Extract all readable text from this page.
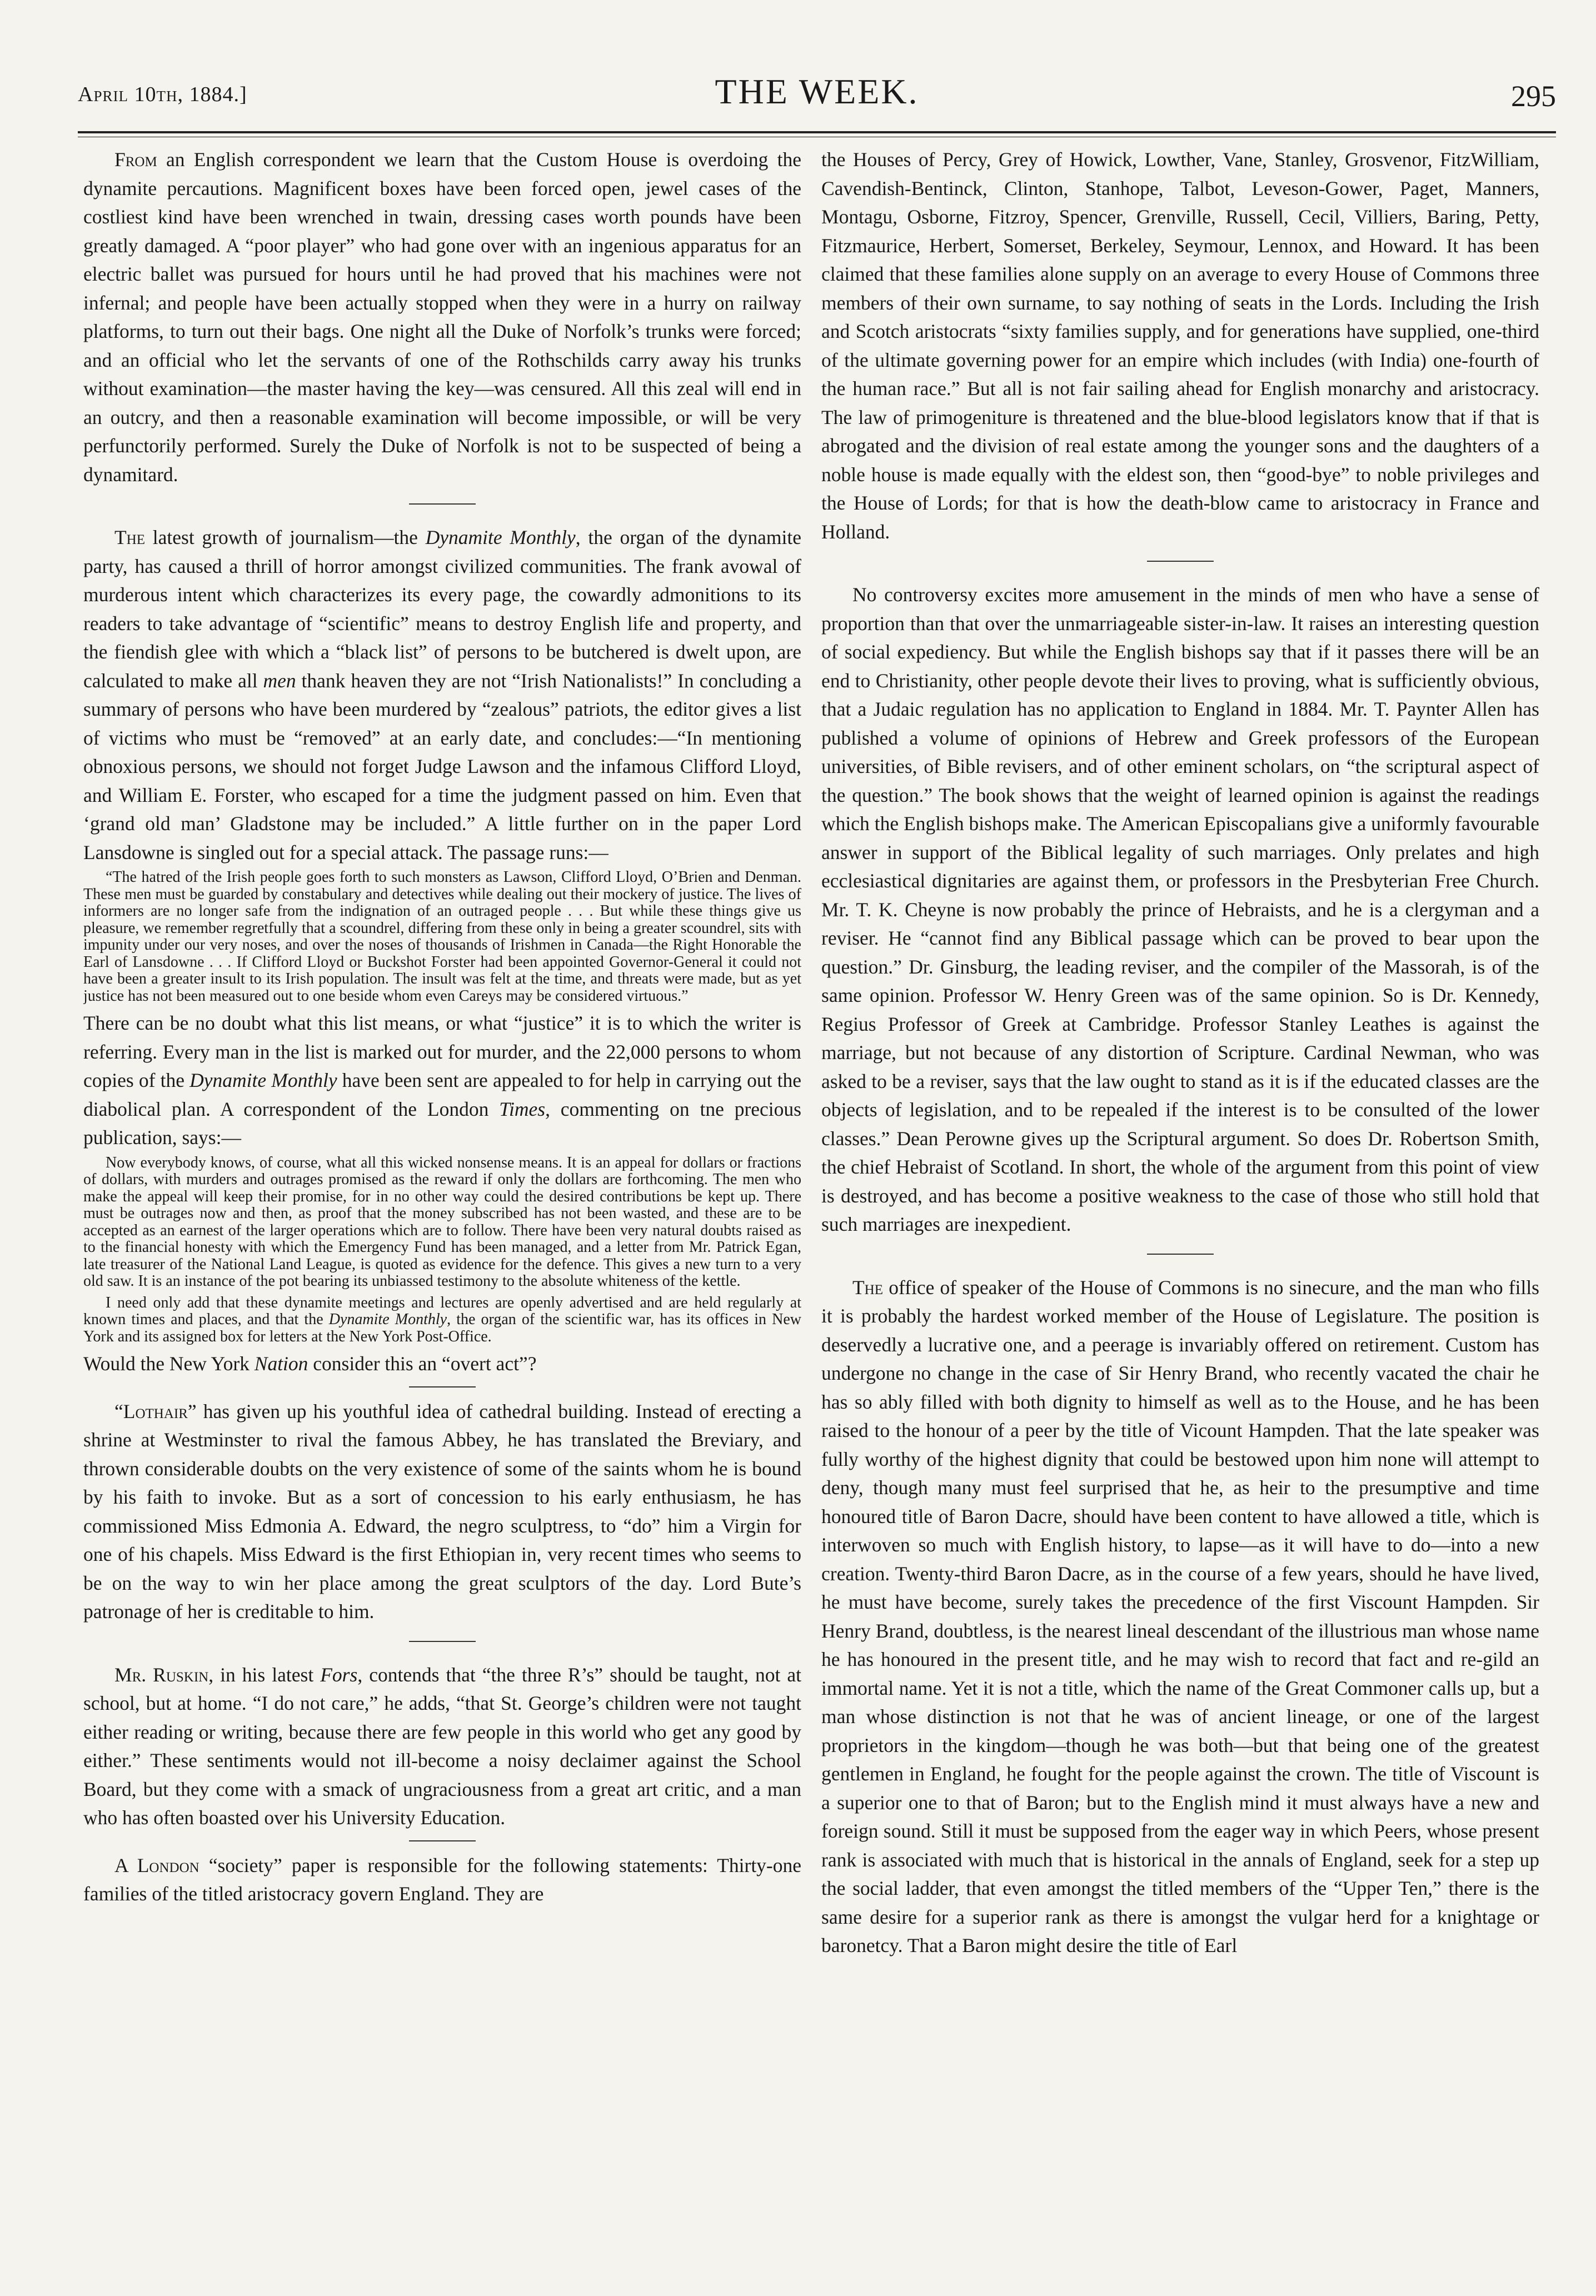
April 10th, 1884.]	THE WEEK.	295

From an English correspondent we learn that the Custom House is overdoing the dynamite percautions. Magnificent boxes have been forced open, jewel cases of the costliest kind have been wrenched in twain, dressing cases worth pounds have been greatly damaged. A “poor player” who had gone over with an ingenious apparatus for an electric ballet was pursued for hours until he had proved that his machines were not infernal; and people have been actually stopped when they were in a hurry on railway platforms, to turn out their bags. One night all the Duke of Norfolk’s trunks were forced; and an official who let the servants of one of the Rothschilds carry away his trunks without examination—the master having the key—was censured. All this zeal will end in an outcry, and then a reasonable examination will become impossible, or will be very perfunctorily performed. Surely the Duke of Norfolk is not to be suspected of being a dynamitard.

The latest growth of journalism—the Dynamite Monthly, the organ of the dynamite party, has caused a thrill of horror amongst civilized communities. The frank avowal of murderous intent which characterizes its every page, the cowardly admonitions to its readers to take advantage of “scientific” means to destroy English life and property, and the fiendish glee with which a “black list” of persons to be butchered is dwelt upon, are calculated to make all men thank heaven they are not “Irish Nationalists!” In concluding a summary of persons who have been murdered by “zealous” patriots, the editor gives a list of victims who must be “removed” at an early date, and concludes:—“In mentioning obnoxious persons, we should not forget Judge Lawson and the infamous Clifford Lloyd, and William E. Forster, who escaped for a time the judgment passed on him. Even that ‘grand old man’ Gladstone may be included.” A little further on in the paper Lord Lansdowne is singled out for a special attack. The passage runs:—

“The hatred of the Irish people goes forth to such monsters as Lawson, Clifford Lloyd, O’Brien and Denman. These men must be guarded by constabulary and detectives while dealing out their mockery of justice. The lives of informers are no longer safe from the indignation of an outraged people . . . But while these things give us pleasure, we remember regretfully that a scoundrel, differing from these only in being a greater scoundrel, sits with impunity under our very noses, and over the noses of thousands of Irishmen in Canada—the Right Honorable the Earl of Lansdowne . . . If Clifford Lloyd or Buckshot Forster had been appointed Governor-General it could not have been a greater insult to its Irish population. The insult was felt at the time, and threats were made, but as yet justice has not been measured out to one beside whom even Careys may be considered virtuous.”

There can be no doubt what this list means, or what “justice” it is to which the writer is referring. Every man in the list is marked out for murder, and the 22,000 persons to whom copies of the Dynamite Monthly have been sent are appealed to for help in carrying out the diabolical plan. A correspondent of the London Times, commenting on tne precious publication, says:—

Now everybody knows, of course, what all this wicked nonsense means. It is an appeal for dollars or fractions of dollars, with murders and outrages promised as the reward if only the dollars are forthcoming. The men who make the appeal will keep their promise, for in no other way could the desired contributions be kept up. There must be outrages now and then, as proof that the money subscribed has not been wasted, and these are to be accepted as an earnest of the larger operations which are to follow. There have been very natural doubts raised as to the financial honesty with which the Emergency Fund has been managed, and a letter from Mr. Patrick Egan, late treasurer of the National Land League, is quoted as evidence for the defence. This gives a new turn to a very old saw. It is an instance of the pot bearing its unbiassed testimony to the absolute whiteness of the kettle.

I need only add that these dynamite meetings and lectures are openly advertised and are held regularly at known times and places, and that the Dynamite Monthly, the organ of the scientific war, has its offices in New York and its assigned box for letters at the New York Post-Office.

Would the New York Nation consider this an “overt act”?

“Lothair” has given up his youthful idea of cathedral building. Instead of erecting a shrine at Westminster to rival the famous Abbey, he has translated the Breviary, and thrown considerable doubts on the very existence of some of the saints whom he is bound by his faith to invoke. But as a sort of concession to his early enthusiasm, he has commissioned Miss Edmonia A. Edward, the negro sculptress, to “do” him a Virgin for one of his chapels. Miss Edward is the first Ethiopian in, very recent times who seems to be on the way to win her place among the great sculptors of the day. Lord Bute’s patronage of her is creditable to him.

Mr. Ruskin, in his latest Fors, contends that “the three R’s” should be taught, not at school, but at home. “I do not care,” he adds, “that St. George’s children were not taught either reading or writing, because there are few people in this world who get any good by either.” These sentiments would not ill-become a noisy declaimer against the School Board, but they come with a smack of ungraciousness from a great art critic, and a man who has often boasted over his University Education.

A London “society” paper is responsible for the following statements: Thirty-one families of the titled aristocracy govern England. They are

the Houses of Percy, Grey of Howick, Lowther, Vane, Stanley, Grosvenor, FitzWilliam, Cavendish-Bentinck, Clinton, Stanhope, Talbot, Leveson-Gower, Paget, Manners, Montagu, Osborne, Fitzroy, Spencer, Grenville, Russell, Cecil, Villiers, Baring, Petty, Fitzmaurice, Herbert, Somerset, Berkeley, Seymour, Lennox, and Howard. It has been claimed that these families alone supply on an average to every House of Commons three members of their own surname, to say nothing of seats in the Lords. Including the Irish and Scotch aristocrats “sixty families supply, and for generations have supplied, one-third of the ultimate governing power for an empire which includes (with India) one-fourth of the human race.” But all is not fair sailing ahead for English monarchy and aristocracy. The law of primogeniture is threatened and the blue-blood legislators know that if that is abrogated and the division of real estate among the younger sons and the daughters of a noble house is made equally with the eldest son, then “good-bye” to noble privileges and the House of Lords; for that is how the death-blow came to aristocracy in France and Holland.

No controversy excites more amusement in the minds of men who have a sense of proportion than that over the unmarriageable sister-in-law. It raises an interesting question of social expediency. But while the English bishops say that if it passes there will be an end to Christianity, other people devote their lives to proving, what is sufficiently obvious, that a Judaic regulation has no application to England in 1884. Mr. T. Paynter Allen has published a volume of opinions of Hebrew and Greek professors of the European universities, of Bible revisers, and of other eminent scholars, on “the scriptural aspect of the question.” The book shows that the weight of learned opinion is against the readings which the English bishops make. The American Episcopalians give a uniformly favourable answer in support of the Biblical legality of such marriages. Only prelates and high ecclesiastical dignitaries are against them, or professors in the Presbyterian Free Church. Mr. T. K. Cheyne is now probably the prince of Hebraists, and he is a clergyman and a reviser. He “cannot find any Biblical passage which can be proved to bear upon the question.” Dr. Ginsburg, the leading reviser, and the compiler of the Massorah, is of the same opinion. Professor W. Henry Green was of the same opinion. So is Dr. Kennedy, Regius Professor of Greek at Cambridge. Professor Stanley Leathes is against the marriage, but not because of any distortion of Scripture. Cardinal Newman, who was asked to be a reviser, says that the law ought to stand as it is if the educated classes are the objects of legislation, and to be repealed if the interest is to be consulted of the lower classes.” Dean Perowne gives up the Scriptural argument. So does Dr. Robertson Smith, the chief Hebraist of Scotland. In short, the whole of the argument from this point of view is destroyed, and has become a positive weakness to the case of those who still hold that such marriages are inexpedient.

The office of speaker of the House of Commons is no sinecure, and the man who fills it is probably the hardest worked member of the House of Legislature. The position is deservedly a lucrative one, and a peerage is invariably offered on retirement. Custom has undergone no change in the case of Sir Henry Brand, who recently vacated the chair he has so ably filled with both dignity to himself as well as to the House, and he has been raised to the honour of a peer by the title of Vicount Hampden. That the late speaker was fully worthy of the highest dignity that could be bestowed upon him none will attempt to deny, though many must feel surprised that he, as heir to the presumptive and time honoured title of Baron Dacre, should have been content to have allowed a title, which is interwoven so much with English history, to lapse—as it will have to do—into a new creation. Twenty-third Baron Dacre, as in the course of a few years, should he have lived, he must have become, surely takes the precedence of the first Viscount Hampden. Sir Henry Brand, doubtless, is the nearest lineal descendant of the illustrious man whose name he has honoured in the present title, and he may wish to record that fact and re-gild an immortal name. Yet it is not a title, which the name of the Great Commoner calls up, but a man whose distinction is not that he was of ancient lineage, or one of the largest proprietors in the kingdom—though he was both—but that being one of the greatest gentlemen in England, he fought for the people against the crown. The title of Viscount is a superior one to that of Baron; but to the English mind it must always have a new and foreign sound. Still it must be supposed from the eager way in which Peers, whose present rank is associated with much that is historical in the annals of England, seek for a step up the social ladder, that even amongst the titled members of the “Upper Ten,” there is the same desire for a superior rank as there is amongst the vulgar herd for a knightage or baronetcy. That a Baron might desire the title of Earl
